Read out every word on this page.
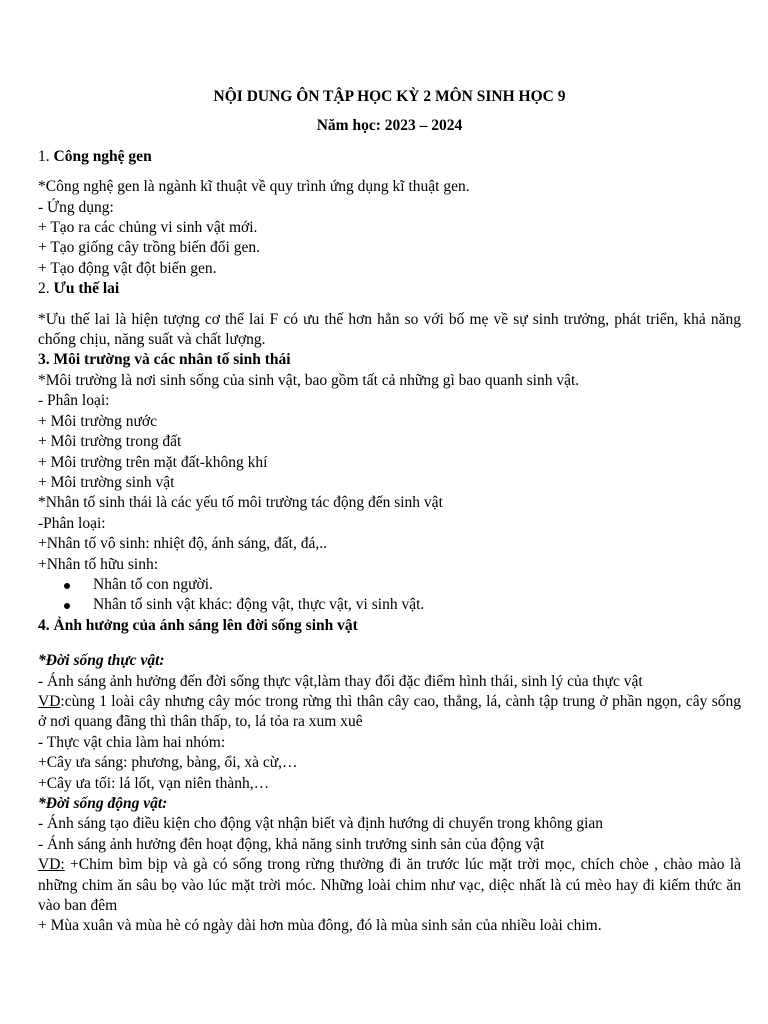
NỘI DUNG ÔN TẬP HỌC KỲ 2 MÔN SINH HỌC 9
Năm học: 2023 – 2024
1. Công nghệ gen
*Công nghệ gen là ngành kĩ thuật về quy trình ứng dụng kĩ thuật gen.
- Ứng dụng:
+ Tạo ra các chủng vi sinh vật mới.
+ Tạo giống cây trồng biến đổi gen.
+ Tạo động vật đột biến gen.
2. Ưu thế lai
*Ưu thế lai là hiện tượng cơ thể lai F có ưu thế hơn hẳn so với bố mẹ về sự sinh trưởng, phát triển, khả năng chống chịu, năng suất và chất lượng.
3. Môi trường và các nhân tố sinh thái
*Môi trường là nơi sinh sống của sinh vật, bao gồm tất cả những gì bao quanh sinh vật.
- Phân loại:
+ Môi trường nước
+ Môi trường trong đất
+ Môi trường trên mặt đất-không khí
+ Môi trường sinh vật
*Nhân tố sinh thái là các yếu tố môi trường tác động đến sinh vật
-Phân loại:
+Nhân tố vô sinh: nhiệt độ, ánh sáng, đất, đá,..
+Nhân tố hữu sinh:
Nhân tố con người.
Nhân tố sinh vật khác: động vật, thực vật, vi sinh vật.
4. Ảnh hưởng của ánh sáng lên đời sống sinh vật
*Đời sống thực vật:
- Ánh sáng ảnh hưởng đến đời sống thực vật,làm thay đổi đặc điểm hình thái, sinh lý của thực vật
VD:cùng 1 loài cây nhưng cây móc trong rừng thì thân cây cao, thẳng, lá, cành tập trung ở phần ngọn, cây sống ở nơi quang đãng thì thân thấp, to, lá tỏa ra xum xuê
- Thực vật chia làm hai nhóm:
+Cây ưa sáng: phương, bàng, ổi, xà cừ,…
+Cây ưa tối: lá lốt, vạn niên thành,…
*Đời sống động vật:
- Ánh sáng tạo điều kiện cho động vật nhận biết và định hướng di chuyển trong không gian
- Ánh sáng ảnh hưởng đên hoạt động, khả năng sinh trưởng sinh sản của động vật
VD: +Chim bìm bịp và gà có sống trong rừng thường đi ăn trước lúc mặt trời mọc, chích chòe , chào mào là những chim ăn sâu bọ vào lúc mặt trời móc. Những loài chim như vạc, diệc nhất là cú mèo hay đi kiếm thức ăn vào ban đêm
+ Mùa xuân và mùa hè có ngày dài hơn mùa đông, đó là mùa sinh sản của nhiều loài chim.
